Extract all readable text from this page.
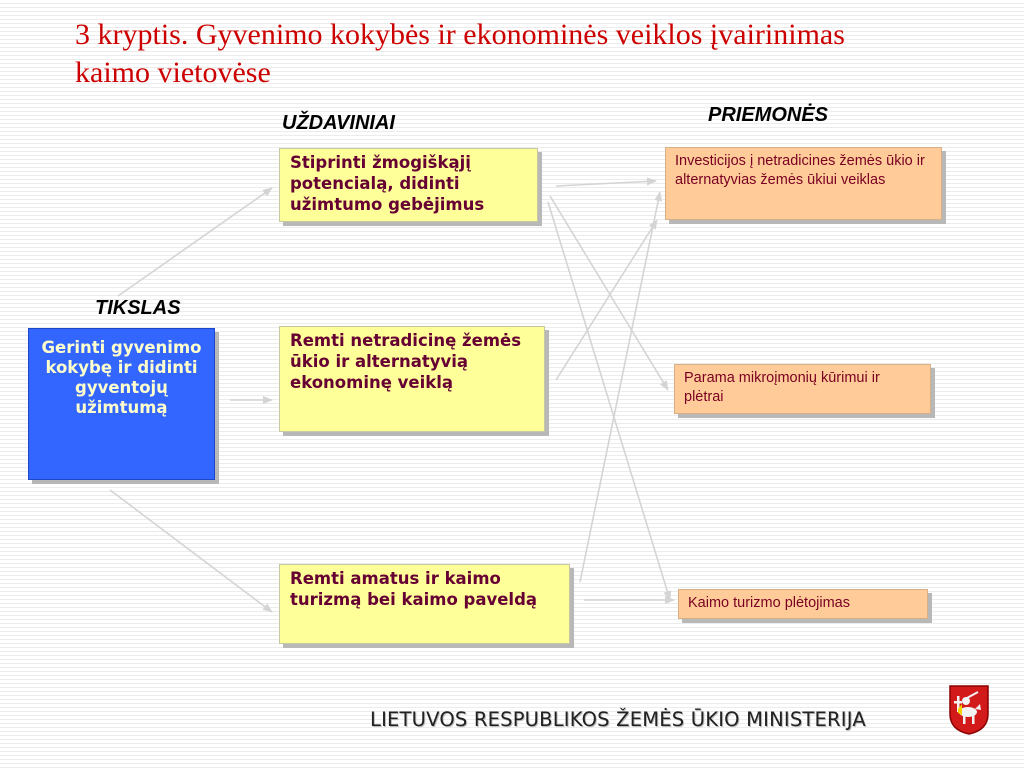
3 kryptis. Gyvenimo kokybės ir ekonominės veiklos įvairinimas kaimo vietovėse
UŽDAVINIAI	PRIEMONĖS
TIKSLAS
Gerinti gyvenimo kokybę ir didinti gyventojų užimtumą
Stiprinti žmogiškąjį potencialą, didinti užimtumo gebėjimus
Remti netradicinę žemės ūkio ir alternatyvią ekonominę veiklą
Remti amatus ir kaimo turizmą bei kaimo paveldą
Investicijos į netradicines žemės ūkio ir alternatyvias žemės ūkiui veiklas
Parama mikroįmonių kūrimui ir plėtrai
Kaimo turizmo plėtojimas
LIETUVOS RESPUBLIKOS ŽEMĖS ŪKIO MINISTERIJA
